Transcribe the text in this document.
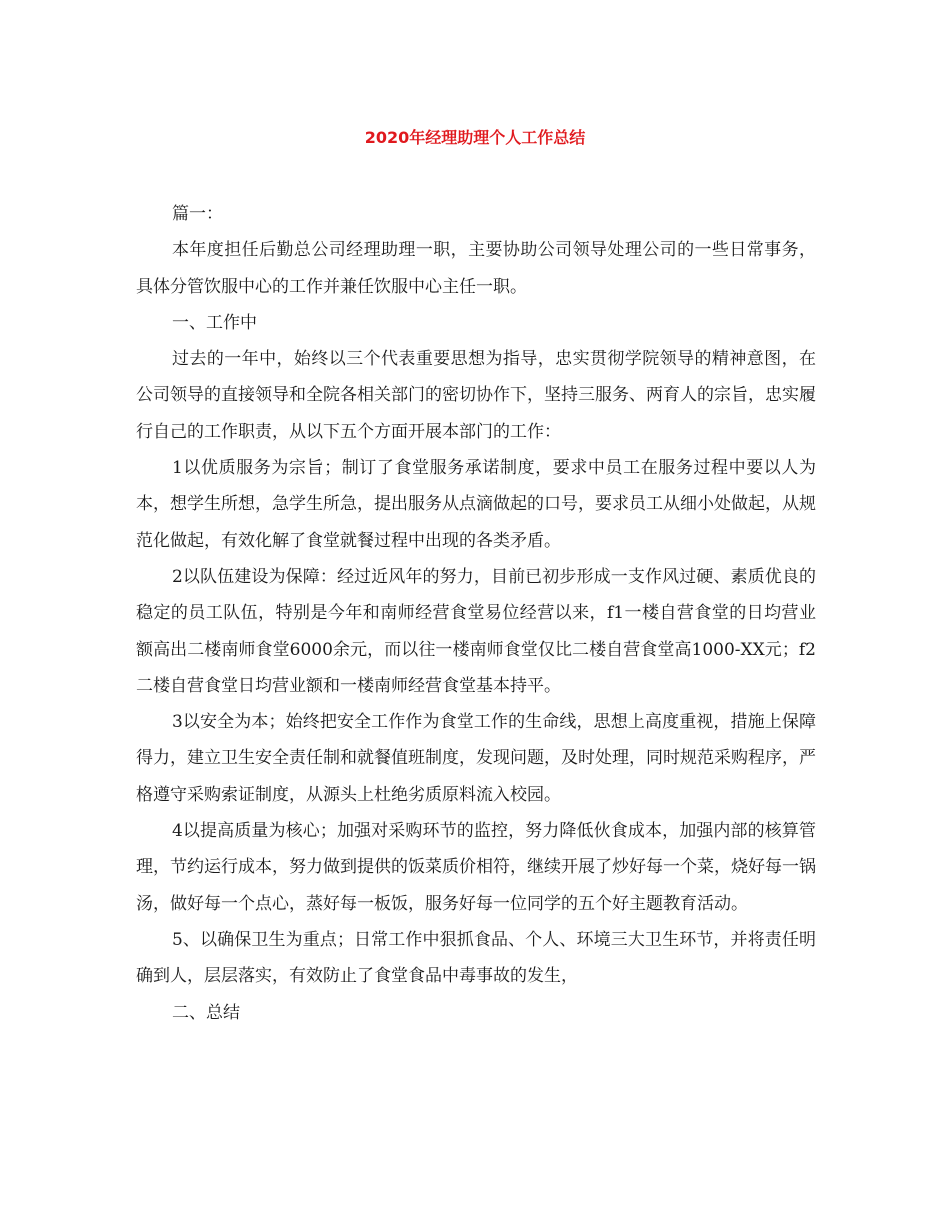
2020年经理助理个人工作总结

篇一：

本年度担任后勤总公司经理助理一职，主要协助公司领导处理公司的一些日常事务，具体分管饮服中心的工作并兼任饮服中心主任一职。

一、工作中

过去的一年中，始终以三个代表重要思想为指导，忠实贯彻学院领导的精神意图，在公司领导的直接领导和全院各相关部门的密切协作下，坚持三服务、两育人的宗旨，忠实履行自己的工作职责，从以下五个方面开展本部门的工作：

1以优质服务为宗旨；制订了食堂服务承诺制度，要求中员工在服务过程中要以人为本，想学生所想，急学生所急，提出服务从点滴做起的口号，要求员工从细小处做起，从规范化做起，有效化解了食堂就餐过程中出现的各类矛盾。

2以队伍建设为保障：经过近风年的努力，目前已初步形成一支作风过硬、素质优良的稳定的员工队伍，特别是今年和南师经营食堂易位经营以来，f1一楼自营食堂的日均营业额高出二楼南师食堂6000余元，而以往一楼南师食堂仅比二楼自营食堂高1000-XX元；f2二楼自营食堂日均营业额和一楼南师经营食堂基本持平。

3以安全为本；始终把安全工作作为食堂工作的生命线，思想上高度重视，措施上保障得力，建立卫生安全责任制和就餐值班制度，发现问题，及时处理，同时规范采购程序，严格遵守采购索证制度，从源头上杜绝劣质原料流入校园。

4以提高质量为核心；加强对采购环节的监控，努力降低伙食成本，加强内部的核算管理，节约运行成本，努力做到提供的饭菜质价相符，继续开展了炒好每一个菜，烧好每一锅汤，做好每一个点心，蒸好每一板饭，服务好每一位同学的五个好主题教育活动。

5、以确保卫生为重点；日常工作中狠抓食品、个人、环境三大卫生环节，并将责任明确到人，层层落实，有效防止了食堂食品中毒事故的发生，

二、总结
